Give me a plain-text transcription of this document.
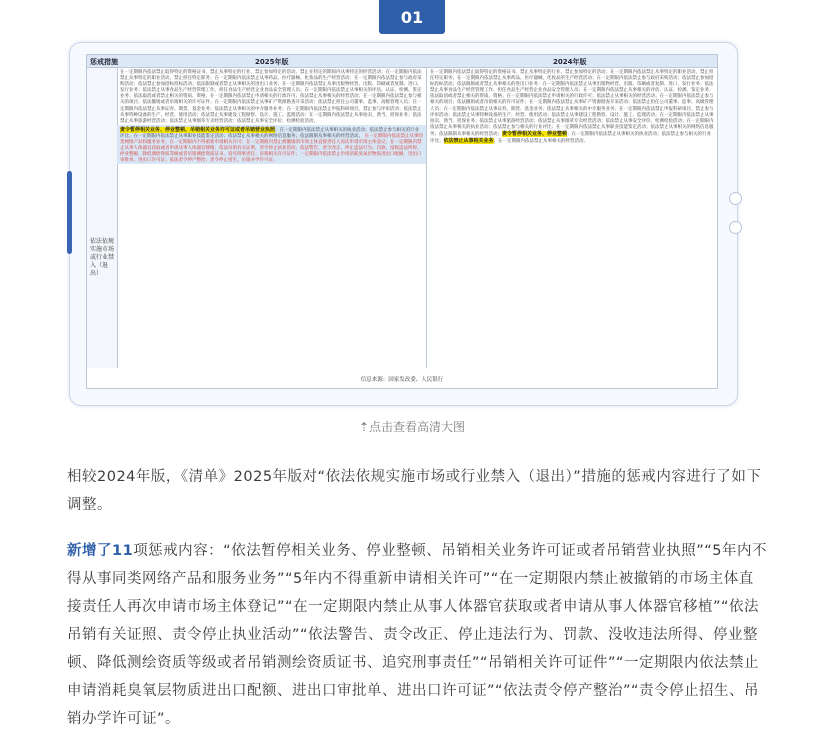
01
惩戒措施	2025年版	2024年版
依法依规实施市场或行业禁入（退出）

在一定期限内依法禁止取得特定的资格证书、禁止从事特定的行业、禁止参加特定的活动、禁止在特定的期间内从事特定的经营活动；在一定期限内依法禁止从事特定的职业活动，禁止担任特定职务；在一定期限内依法禁止从事药品、医疗器械、化妆品的生产经营活动；在一定期限内依法禁止参与政府采购活动；依法禁止参加招标投标活动；依法限制或者禁止从事相关的进出口业务；在一定期限内依法禁止从事出版物经营、出版、印刷或者复制、进口、发行业务；依法禁止从事食品生产经营管理工作、担任食品生产经营企业食品安全管理人员；在一定期限内依法禁止从事相关的评估、认证、检测、鉴定业务；依法取消或者禁止相关的资质、资格；在一定期限内依法禁止申请相关的行政许可；依法禁止从事相关的经营活动；在一定期限内依法禁止参与相关的项目；依法撤销或者吊销相关的许可证件；在一定期限内依法禁止从事矿产资源勘查开采活动；依法禁止担任公司董事、监事、高级管理人员；在一定期限内依法禁止从事证券、期货、基金业务；依法禁止从事相关的中介服务业务；在一定期限内依法禁止申报科研项目、禁止参与评审活动；依法禁止从事特种设备的生产、经营、使用活动；依法禁止从事建设工程勘察、设计、施工、监理活动；在一定期限内依法禁止从事拍卖、典当、担保业务；依法禁止从事旅游经营活动；依法禁止从事烟草专卖经营活动；依法禁止从事安全评价、检测检验活动。

责令暂停相关业务、停业整顿、吊销相关业务许可证或者吊销营业执照；在一定期限内依法禁止从事相关的执业活动；依法禁止参与相关的行业评比；在一定期限内依法禁止从事职业技能鉴定活动；依法禁止从事相关的网络信息服务；依法限制从事相关的经营活动。 在一定期限内依法禁止从事同类网络产品和服务业务；在一定期限内不得重新申请相关许可；在一定期限内禁止被撤销的市场主体直接责任人再次申请市场主体登记；在一定期限内禁止从事人体器官获取或者申请从事人体器官移植；依法吊销有关证照、责令停止执业活动；依法警告、责令改正、停止违法行为、罚款、没收违法所得、停业整顿、降低测绘资质等级或者吊销测绘资质证书、追究刑事责任；吊销相关许可证件；一定期限内依法禁止申请消耗臭氧层物质进出口配额、进出口审批单、进出口许可证；依法责令停产整治；责令停止招生、吊销办学许可证。

在一定期限内依法禁止取得特定的资格证书、禁止从事特定的行业、禁止参加特定的活动；在一定期限内依法禁止从事特定的职业活动，禁止担任特定职务；在一定期限内依法禁止从事药品、医疗器械、化妆品的生产经营活动；在一定期限内依法禁止参与政府采购活动；依法禁止参加招标投标活动；依法限制或者禁止从事相关的进出口业务；在一定期限内依法禁止从事出版物经营、出版、印刷或者复制、进口、发行业务；依法禁止从事食品生产经营管理工作、担任食品生产经营企业食品安全管理人员；在一定期限内依法禁止从事相关的评估、认证、检测、鉴定业务；依法取消或者禁止相关的资质、资格；在一定期限内依法禁止申请相关的行政许可；依法禁止从事相关的经营活动；在一定期限内依法禁止参与相关的项目；依法撤销或者吊销相关的许可证件；在一定期限内依法禁止从事矿产资源勘查开采活动；依法禁止担任公司董事、监事、高级管理人员；在一定期限内依法禁止从事证券、期货、基金业务；依法禁止从事相关的中介服务业务；在一定期限内依法禁止申报科研项目、禁止参与评审活动；依法禁止从事特种设备的生产、经营、使用活动；依法禁止从事建设工程勘察、设计、施工、监理活动；在一定期限内依法禁止从事拍卖、典当、担保业务；依法禁止从事旅游经营活动；依法禁止从事烟草专卖经营活动；依法禁止从事安全评价、检测检验活动；在一定期限内依法禁止从事相关的执业活动；依法禁止参与相关的行业评比；在一定期限内依法禁止从事职业技能鉴定活动；依法禁止从事相关的网络信息服务；依法限制从事相关的经营活动；责令暂停相关业务、停业整顿；在一定期限内依法禁止从事相关的执业活动；依法禁止参与相关的行业评比；依法禁止从事相关业务；在一定期限内依法禁止从事相关的经营活动。

信息来源：国家发改委、人民银行
⇡点击查看高清大图

相较2024年版，《清单》2025年版对“依法依规实施市场或行业禁入（退出）”措施的惩戒内容进行了如下调整。

新增了11项惩戒内容：“依法暂停相关业务、停业整顿、吊销相关业务许可证或者吊销营业执照”“5年内不得从事同类网络产品和服务业务”“5年内不得重新申请相关许可”“在一定期限内禁止被撤销的市场主体直接责任人再次申请市场主体登记”“在一定期限内禁止从事人体器官获取或者申请从事人体器官移植”“依法吊销有关证照、责令停止执业活动”“依法警告、责令改正、停止违法行为、罚款、没收违法所得、停业整顿、降低测绘资质等级或者吊销测绘资质证书、追究刑事责任”“吊销相关许可证件”“一定期限内依法禁止申请消耗臭氧层物质进出口配额、进出口审批单、进出口许可证”“依法责令停产整治”“责令停止招生、吊销办学许可证”。
